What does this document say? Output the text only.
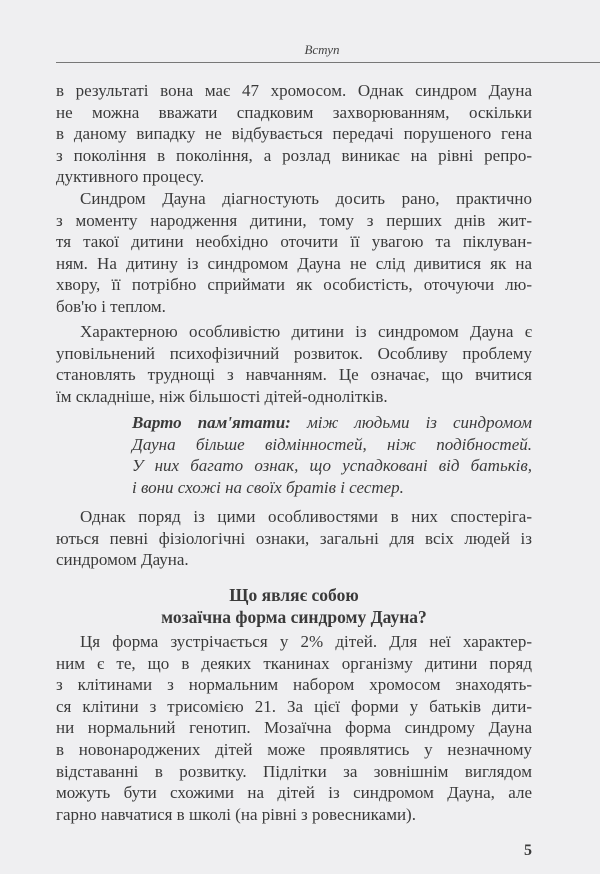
Вступ
в результаті вона має 47 хромосом. Однак синдром Дауна
не можна вважати спадковим захворюванням, оскільки
в даному випадку не відбувається передачі порушеного гена
з покоління в покоління, а розлад виникає на рівні репро-
дуктивного процесу.
Синдром Дауна діагностують досить рано, практично
з моменту народження дитини, тому з перших днів жит-
тя такої дитини необхідно оточити її увагою та піклуван-
ням. На дитину із синдромом Дауна не слід дивитися як на
хвору, її потрібно сприймати як особистість, оточуючи лю-
бов'ю і теплом.
Характерною особливістю дитини із синдромом Дауна є
уповільнений психофізичний розвиток. Особливу проблему
становлять труднощі з навчанням. Це означає, що вчитися
їм складніше, ніж більшості дітей-однолітків.
Варто пам'ятати: між людьми із синдромом
Дауна більше відмінностей, ніж подібностей.
У них багато ознак, що успадковані від батьків,
і вони схожі на своїх братів і сестер.
Однак поряд із цими особливостями в них спостеріга-
ються певні фізіологічні ознаки, загальні для всіх людей із
синдромом Дауна.
Що являє собою
мозаїчна форма синдрому Дауна?
Ця форма зустрічається у 2% дітей. Для неї характер-
ним є те, що в деяких тканинах організму дитини поряд
з клітинами з нормальним набором хромосом знаходять-
ся клітини з трисомією 21. За цієї форми у батьків дити-
ни нормальний генотип. Мозаїчна форма синдрому Дауна
в новонароджених дітей може проявлятись у незначному
відставанні в розвитку. Підлітки за зовнішнім виглядом
можуть бути схожими на дітей із синдромом Дауна, але
гарно навчатися в школі (на рівні з ровесниками).
5
